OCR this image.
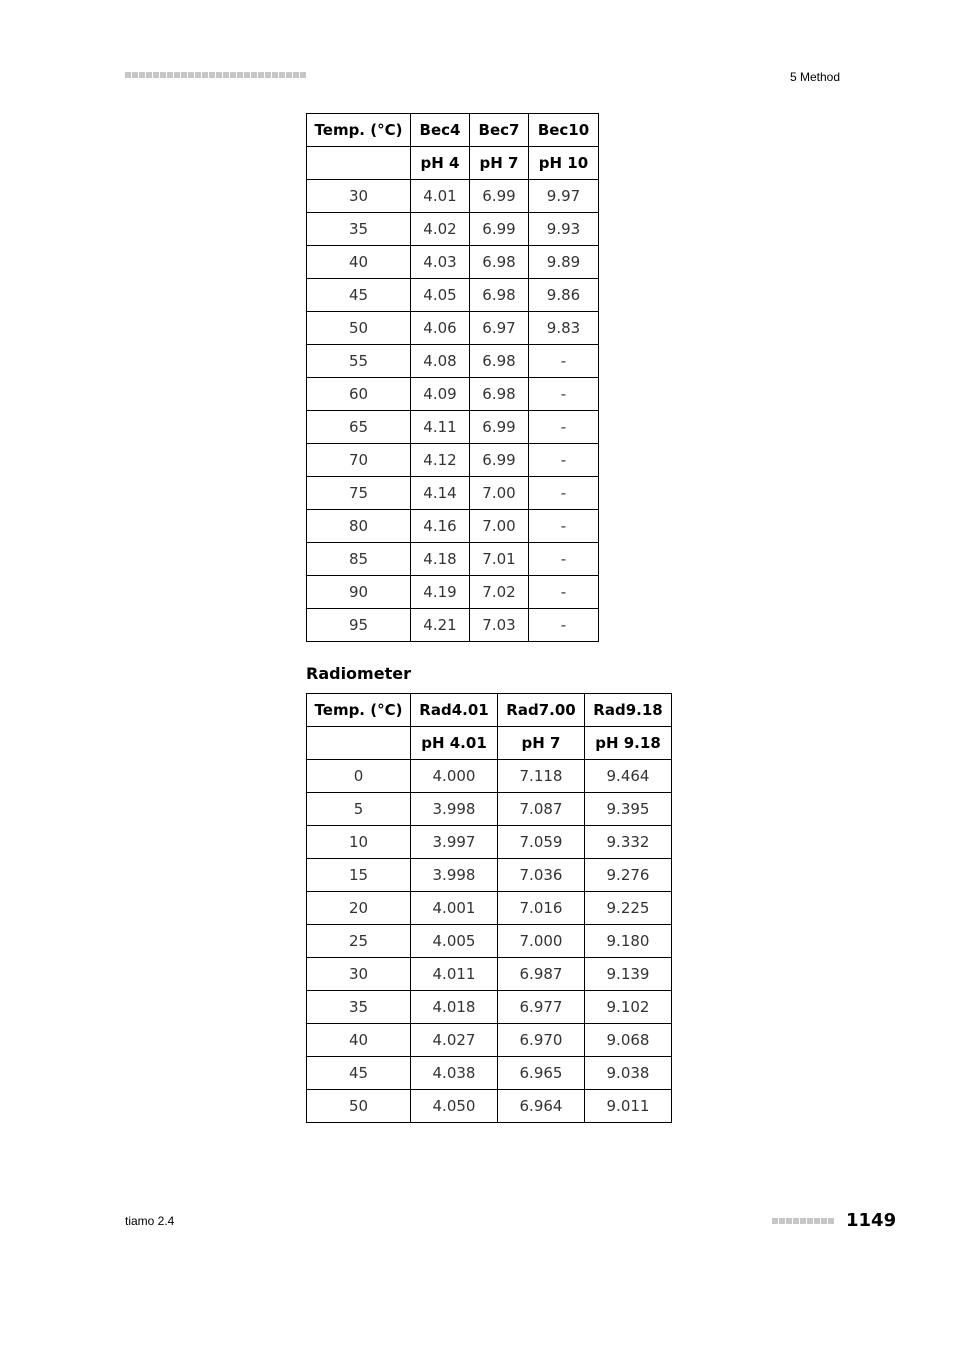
5 Method
Temp. (°C)	Bec4	Bec7	Bec10
	pH 4	pH 7	pH 10
30	4.01	6.99	9.97
35	4.02	6.99	9.93
40	4.03	6.98	9.89
45	4.05	6.98	9.86
50	4.06	6.97	9.83
55	4.08	6.98	-
60	4.09	6.98	-
65	4.11	6.99	-
70	4.12	6.99	-
75	4.14	7.00	-
80	4.16	7.00	-
85	4.18	7.01	-
90	4.19	7.02	-
95	4.21	7.03	-
Radiometer
Temp. (°C)	Rad4.01	Rad7.00	Rad9.18
	pH 4.01	pH 7	pH 9.18
0	4.000	7.118	9.464
5	3.998	7.087	9.395
10	3.997	7.059	9.332
15	3.998	7.036	9.276
20	4.001	7.016	9.225
25	4.005	7.000	9.180
30	4.011	6.987	9.139
35	4.018	6.977	9.102
40	4.027	6.970	9.068
45	4.038	6.965	9.038
50	4.050	6.964	9.011
tiamo 2.4	1149
